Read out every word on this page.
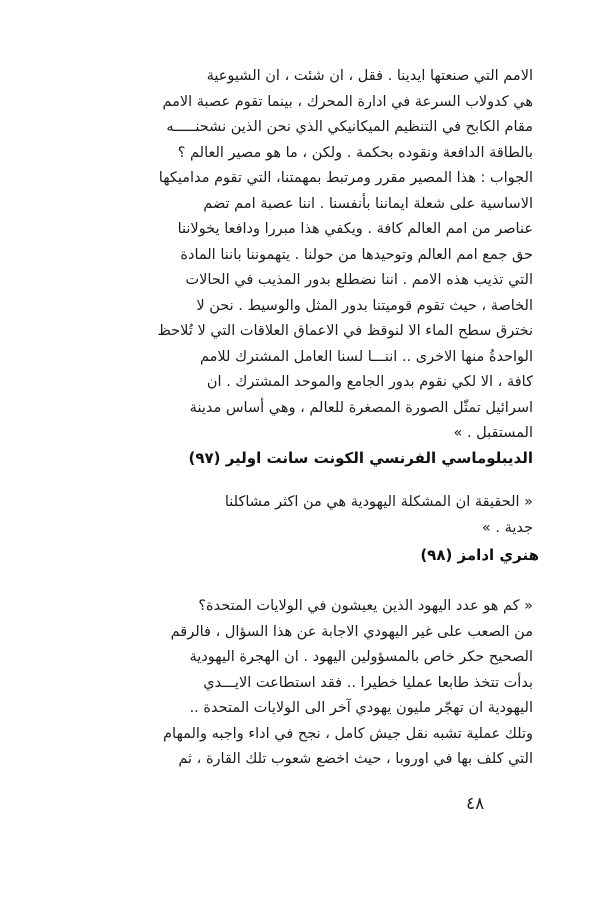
الامم التي صنعتها ايدينا . فقل ، ان شئت ، ان الشيوعية
هي كدولاب السرعة في ادارة المحرك ، بينما تقوم عصبة الامم
مقام الكابح في التنظيم الميكانيكي الذي نحن الذين نشحنـــــه
بالطاقة الدافعة ونقوده بحكمة . ولكن ، ما هو مصير العالم ؟
الجواب : هذا المصير مقرر ومرتبط بمهمتنا، التي تقوم مداميكها
الاساسية على شعلة ايماننا بأنفسنا . اننا عصبة امم تضم
عناصر من امم العالم كافة . ويكفي هذا مبررا ودافعا يخولاننا
حق جمع امم العالم وتوحيدها من حولنا . يتهموننا باننا المادة
التي تذيب هذه الامم . اننا نضطلع بدور المذيب في الحالات
الخاصة ، حيث تقوم قوميتنا بدور المثل والوسيط . نحن لا
نخترق سطح الماء الا لنوقظ في الاعماق العلاقات التي لا تُلاحظ
الواحدةُ منها الاخرى .. اننـــا لسنا العامل المشترك للامم
كافة ، الا لكي نقوم بدور الجامع والموحد المشترك . ان
اسرائيل تمثّل الصورة المصغرة للعالم ، وهي أساس مدينة
المستقبل . »
الديبلوماسي الفرنسي الكونت سانت اولير (٩٧)
« الحقيقة ان المشكلة اليهودية هي من اكثر مشاكلنا
جدية . »
هنري ادامز (٩٨)
« كم هو عدد اليهود الذين يعيشون في الولايات المتحدة؟
من الصعب على غير اليهودي الاجابة عن هذا السؤال ، فالرقم
الصحيح حكر خاص بالمسؤولين اليهود . ان الهجرة اليهودية
بدأت تتخذ طابعا عمليا خطيرا .. فقد استطاعت الايـــدي
اليهودية ان تهجّر مليون يهودي آخر الى الولايات المتحدة ..
وتلك عملية تشبه نقل جيش كامل ، نجح في اداء واجبه والمهام
التي كلف بها في اوروبا ، حيث اخضع شعوب تلك القارة ، ثم
٤٨
